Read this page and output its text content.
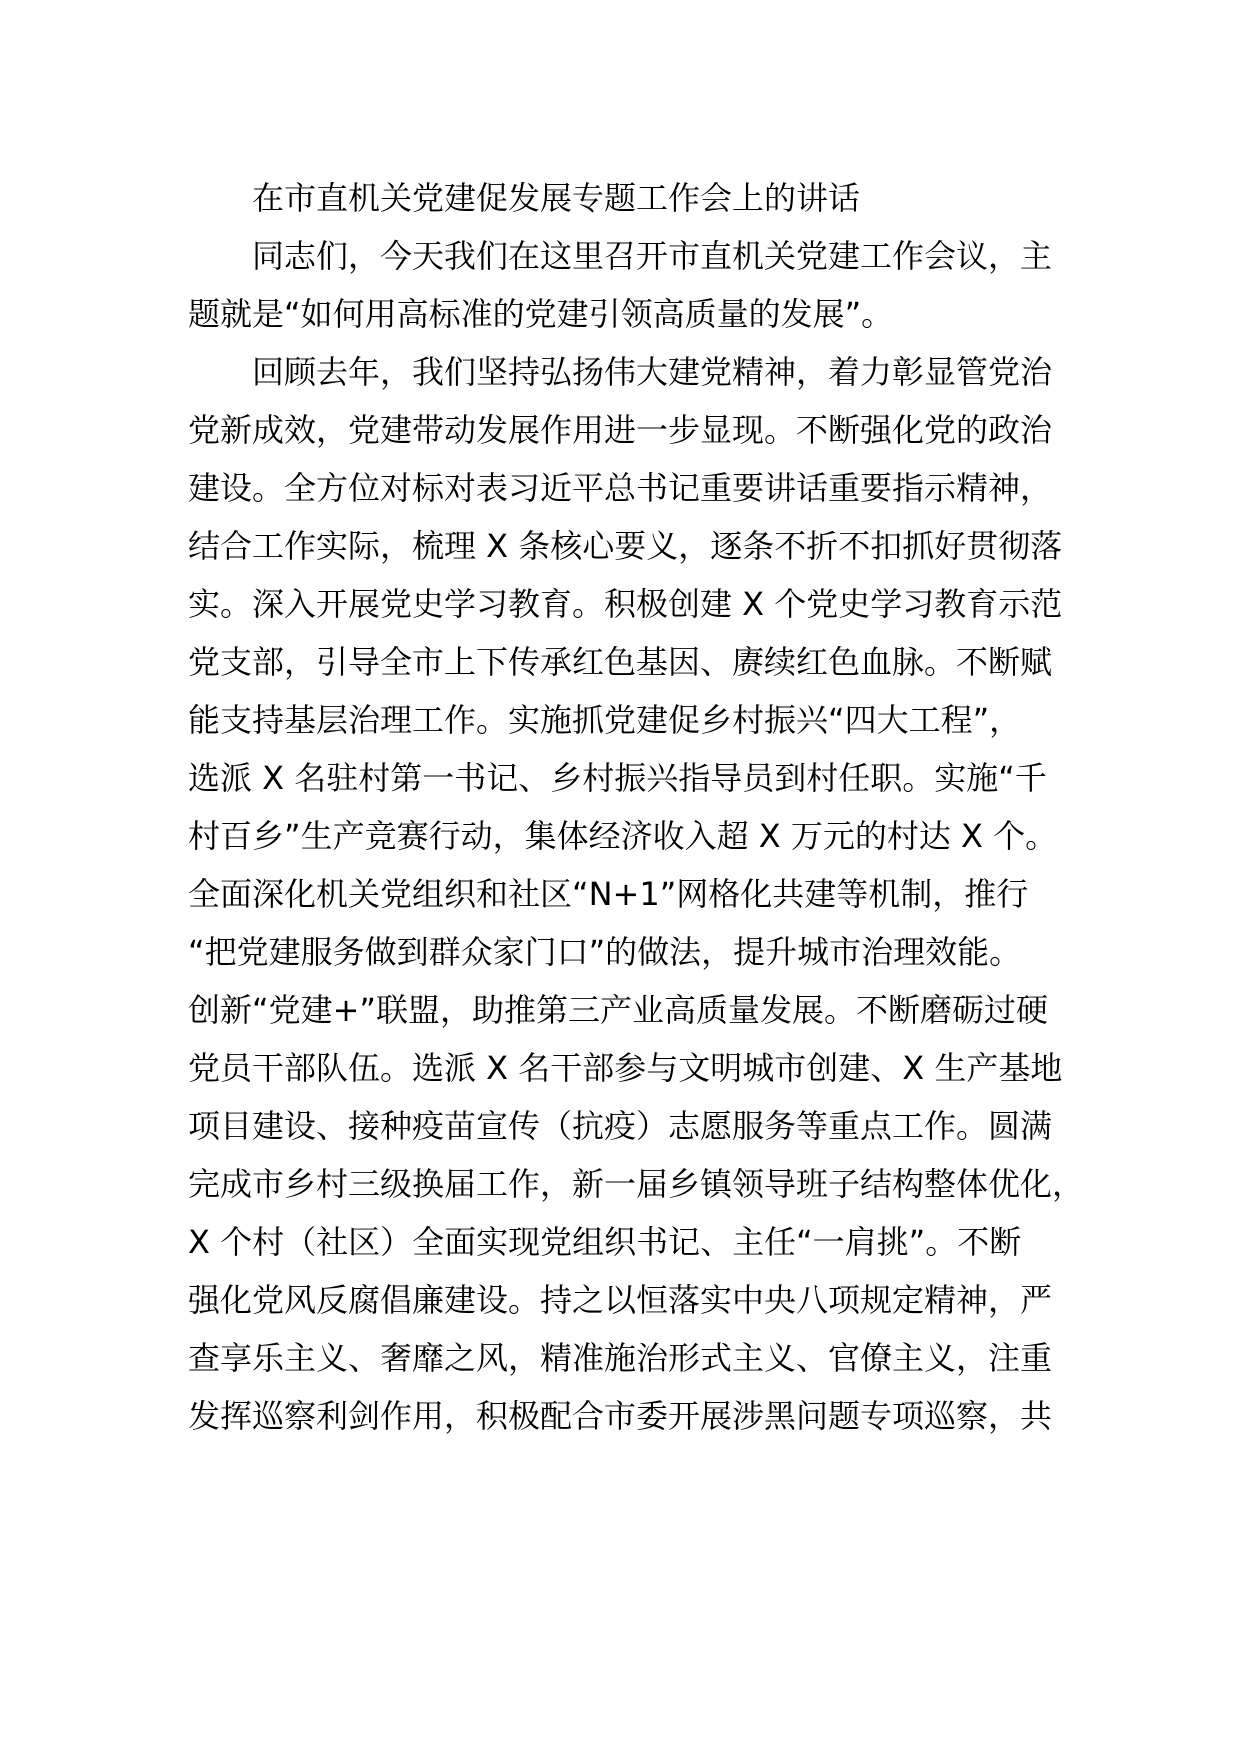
在市直机关党建促发展专题工作会上的讲话
同志们，今天我们在这里召开市直机关党建工作会议，主
题就是“如何用高标准的党建引领高质量的发展”。
回顾去年，我们坚持弘扬伟大建党精神，着力彰显管党治
党新成效，党建带动发展作用进一步显现。不断强化党的政治
建设。全方位对标对表习近平总书记重要讲话重要指示精神，
结合工作实际，梳理 X 条核心要义，逐条不折不扣抓好贯彻落
实。深入开展党史学习教育。积极创建 X 个党史学习教育示范
党支部，引导全市上下传承红色基因、赓续红色血脉。不断赋
能支持基层治理工作。实施抓党建促乡村振兴“四大工程”，
选派 X 名驻村第一书记、乡村振兴指导员到村任职。实施“千
村百乡”生产竞赛行动，集体经济收入超 X 万元的村达 X 个。
全面深化机关党组织和社区“N+1”网格化共建等机制，推行
“把党建服务做到群众家门口”的做法，提升城市治理效能。
创新“党建+”联盟，助推第三产业高质量发展。不断磨砺过硬
党员干部队伍。选派 X 名干部参与文明城市创建、X 生产基地
项目建设、接种疫苗宣传（抗疫）志愿服务等重点工作。圆满
完成市乡村三级换届工作，新一届乡镇领导班子结构整体优化，
X 个村（社区）全面实现党组织书记、主任“一肩挑”。不断
强化党风反腐倡廉建设。持之以恒落实中央八项规定精神，严
查享乐主义、奢靡之风，精准施治形式主义、官僚主义，注重
发挥巡察利剑作用，积极配合市委开展涉黑问题专项巡察，共
